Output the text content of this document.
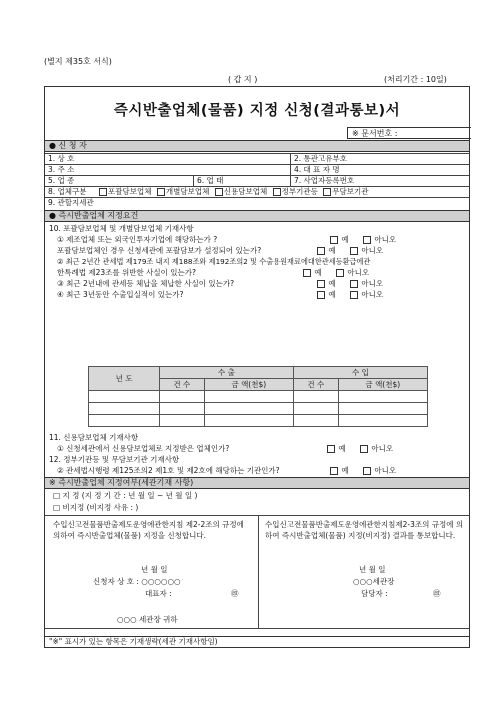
(별지 제35호 서식)
( 갑 지 )	(처리기간 : 10일)
즉시반출업체(물품) 지정 신청(결과통보)서
※ 문서번호 :
● 신 청 자
1. 상 호	2. 통관고유부호
3. 주 소	4. 대 표 자 명
5. 업 종	6. 업 태	7. 사업자등록번호
8. 업체구분	포괄담보업체 개별담보업체 신용담보업체 정부기관등 무담보기관
9. 관할지세관
● 즉시반출업체 지정요건
10. 포괄담보업체 및 개별담보업체 기재사항
① 제조업체 또는 외국인투자기업에 해당하는가 ?	예	아니오
포괄담보업체인 경우 신청세관에 포괄담보가 설정되어 있는가?	예	아니오
② 최근 2년간 관세법 제179조 내지 제188조와 제192조의2 및 수출용원재료에대한관세등환급에관
한특례법 제23조를 위반한 사실이 있는가?	예	아니오
③ 최근 2년내에 관세등 체납을 체납한 사실이 있는가?	예	아니오
④ 최근 3년동안 수출입실적이 있는가?	예	아니오
년 도	수 출		수 입	
	건 수	금 액(천$)	건 수	금 액(천$)

11. 신용담보업체 기재사항
① 신청세관에서 신용담보업체로 지정받은 업체인가?	예	아니오
12. 정부기관등 및 무담보기관 기재사항
② 관세법시행령 제125조의2 제1호 및 제2호에 해당하는 기관인가?	예	아니오
※ 즉시반출업체 지정여부(세관기재 사항)
□ 지 정 (지 정 기 간 : 년 월 일 ~ 년 월 일 )
□ 비지정 (비지정 사유 : )
수입신고전물품반출제도운영에관한지침 제2-2조의 규정에 의하여 즉시반출업체(물품) 지정을 신청합니다.
년 월 일
신청자 상 호 : ○○○○○○
대표자 :	㊞
○○○ 세관장 귀하
수입신고전물품반출제도운영에관한지침제2-3조의 규정에 의하여 즉시반출업체(물품) 지정(비지정) 결과를 통보합니다.
년 월 일
○○○세관장
담당자 :	㊞
"※" 표시가 있는 항목은 기재생략(세관 기재사항임)
